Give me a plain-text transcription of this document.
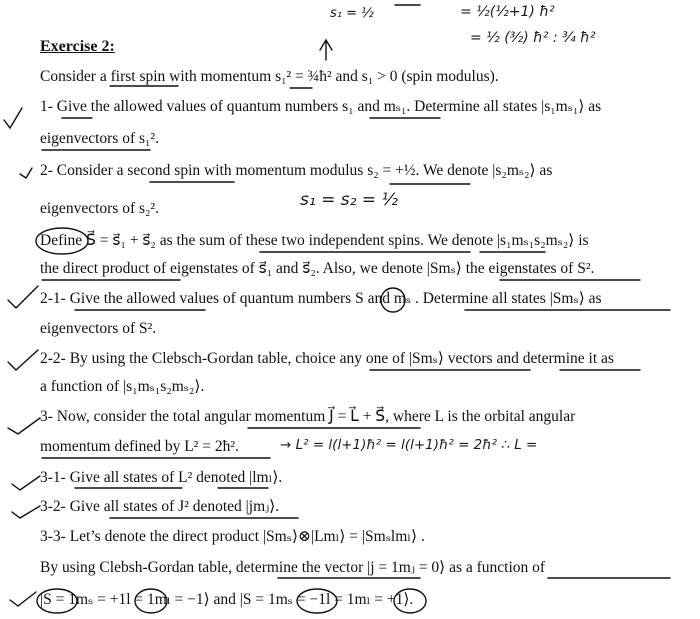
s₁ = ½	= ½(½+1) ħ²
= ½ (³⁄₂) ħ² : ¾ ħ²
Exercise 2:
Consider a first spin with momentum s₁² = ¾ħ² and s₁ > 0 (spin modulus).
1- Give the allowed values of quantum numbers s₁ and mₛ₁. Determine all states |s₁mₛ₁⟩ as
eigenvectors of s₁².
2- Consider a second spin with momentum modulus s₂ = +½. We denote |s₂mₛ₂⟩ as
s₁ = s₂ = ½
eigenvectors of s₂².
Define S⃗ = s⃗₁ + s⃗₂ as the sum of these two independent spins. We denote |s₁mₛ₁s₂mₛ₂⟩ is
the direct product of eigenstates of s⃗₁ and s⃗₂. Also, we denote |Smₛ⟩ the eigenstates of S².
2-1- Give the allowed values of quantum numbers S and mₛ . Determine all states |Smₛ⟩ as
eigenvectors of S².
2-2- By using the Clebsch-Gordan table, choice any one of |Smₛ⟩ vectors and determine it as
a function of |s₁mₛ₁s₂mₛ₂⟩.
3- Now, consider the total angular momentum J⃗ = L⃗ + S⃗, where L is the orbital angular
momentum defined by L² = 2ħ².	→ L² = l(l+1)ħ² = l(l+1)ħ² = 2ħ² ∴ L =
3-1- Give all states of L² denoted |lmₗ⟩.
3-2- Give all states of J² denoted |jmⱼ⟩.
3-3- Let’s denote the direct product |Smₛ⟩⊗|Lmₗ⟩ = |Smₛlmₗ⟩ .
By using Clebsh-Gordan table, determine the vector |j = 1mⱼ = 0⟩ as a function of
|S = 1mₛ = +1l = 1mₗ = −1⟩ and |S = 1mₛ = −1l = 1mₗ = +1⟩.
